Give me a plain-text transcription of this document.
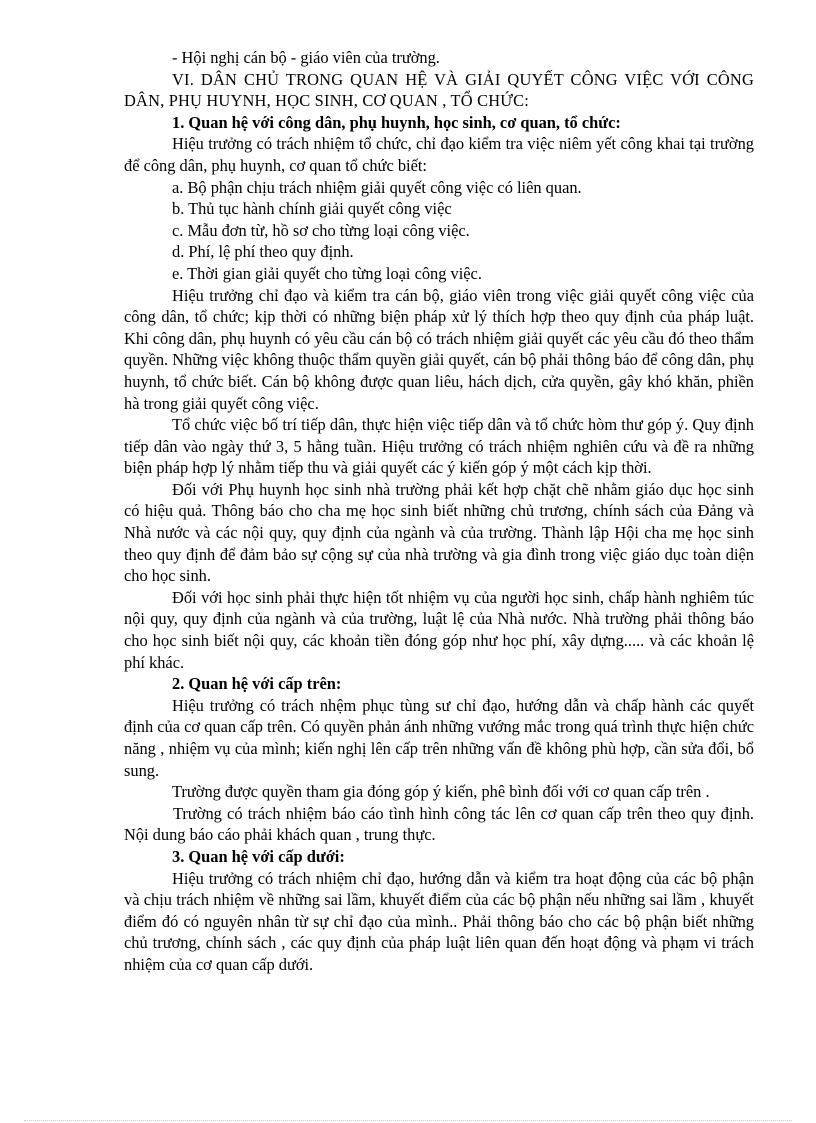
- Hội nghị cán bộ - giáo viên của trường.

VI. DÂN CHỦ TRONG QUAN HỆ VÀ GIẢI QUYẾT CÔNG VIỆC VỚI CÔNG DÂN, PHỤ HUYNH, HỌC SINH, CƠ QUAN , TỔ CHỨC:

1. Quan hệ với công dân, phụ huynh, học sinh, cơ quan, tổ chức:

Hiệu trưởng có trách nhiệm tổ chức, chỉ đạo kiểm tra việc niêm yết công khai tại trường để công dân, phụ huynh, cơ quan tổ chức biết:

a. Bộ phận chịu trách nhiệm giải quyết công việc có liên quan.

b. Thủ tục hành chính giải quyết công việc

c. Mẫu đơn từ, hồ sơ cho từng loại công việc.

d. Phí, lệ phí theo quy định.

e. Thời gian giải quyết cho từng loại công việc.

Hiệu trưởng chỉ đạo và kiểm tra cán bộ, giáo viên trong việc giải quyết công việc của công dân, tổ chức; kịp thời có những biện pháp xử lý thích hợp theo quy định của pháp luật. Khi công dân, phụ huynh có yêu cầu cán bộ có trách nhiệm giải quyết các yêu cầu đó theo thẩm quyền. Những việc không thuộc thẩm quyền giải quyết, cán bộ phải thông báo để công dân, phụ huynh, tổ chức biết. Cán bộ không được quan liêu, hách dịch, cửa quyền, gây khó khăn, phiền hà trong giải quyết công việc.

Tổ chức việc bố trí tiếp dân, thực hiện việc tiếp dân và tổ chức hòm thư góp ý. Quy định tiếp dân vào ngày thứ 3, 5 hằng tuần. Hiệu trưởng có trách nhiệm nghiên cứu và đề ra những biện pháp hợp lý nhằm tiếp thu và giải quyết các ý kiến góp ý một cách kịp thời.

Đối với Phụ huynh học sinh nhà trường phải kết hợp chặt chẽ nhằm giáo dục học sinh có hiệu quả. Thông báo cho cha mẹ học sinh biết những chủ trương, chính sách của Đảng và Nhà nước và các nội quy, quy định của ngành và của trường. Thành lập Hội cha mẹ học sinh theo quy định để đảm bảo sự cộng sự của nhà trường và gia đình trong việc giáo dục toàn diện cho học sinh.

Đối với học sinh phải thực hiện tốt nhiệm vụ của người học sinh, chấp hành nghiêm túc nội quy, quy định của ngành và của trường, luật lệ của Nhà nước. Nhà trường phải thông báo cho học sinh biết nội quy, các khoản tiền đóng góp như học phí, xây dựng..... và các khoản lệ phí khác.

2. Quan hệ với cấp trên:

Hiệu trưởng có trách nhệm phục tùng sư chỉ đạo, hướng dẫn và chấp hành các quyết định của cơ quan cấp trên. Có quyền phản ánh những vướng mắc trong quá trình thực hiện chức năng , nhiệm vụ của mình; kiến nghị lên cấp trên những vấn đề không phù hợp, cần sửa đổi, bổ sung.

Trường được quyền tham gia đóng góp ý kiến, phê bình đối với cơ quan cấp trên .

Trường có trách nhiệm báo cáo tình hình công tác lên cơ quan cấp trên theo quy định. Nội dung báo cáo phải khách quan , trung thực.

3. Quan hệ với cấp dưới:

Hiệu trưởng có trách nhiệm chỉ đạo, hướng dẫn và kiểm tra hoạt động của các bộ phận và chịu trách nhiệm về những sai lầm, khuyết điểm của các bộ phận nếu những sai lầm , khuyết điểm đó có nguyên nhân từ sự chỉ đạo của mình.. Phải thông báo cho các bộ phận biết những chủ trương, chính sách , các quy định của pháp luật liên quan đến hoạt động và phạm vi trách nhiệm của cơ quan cấp dưới.
